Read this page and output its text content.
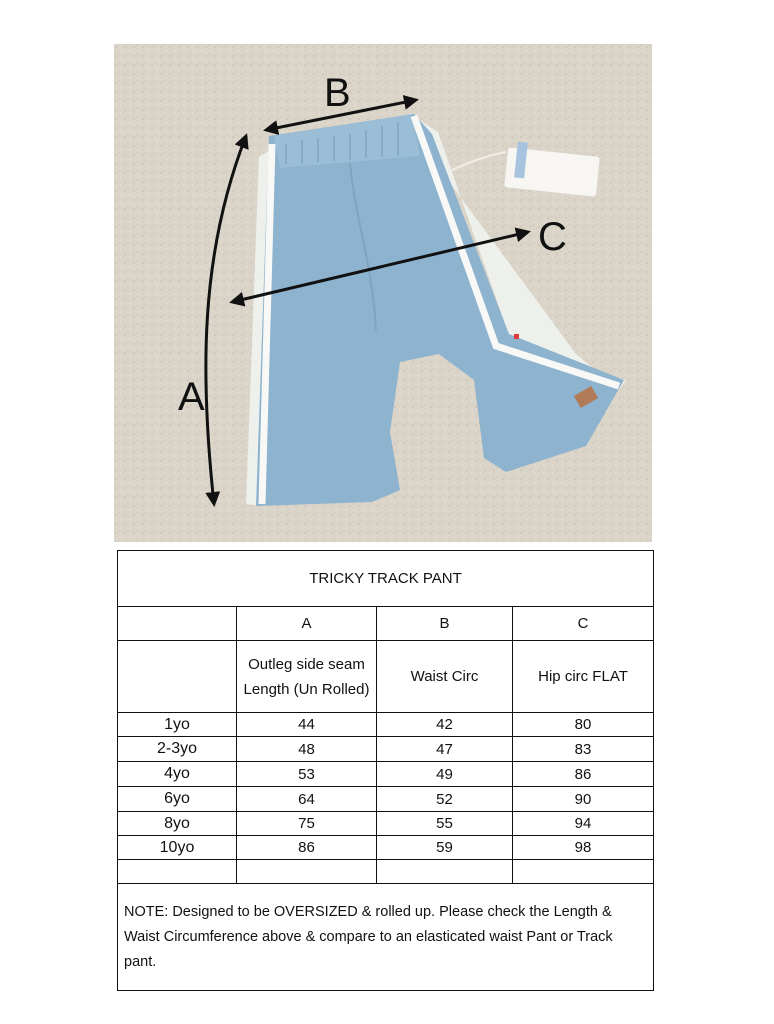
A
B
C
TRICKY TRACK PANT			
	A	B	C
	Outleg side seam Length (Un Rolled)	Waist Circ	Hip circ FLAT
1yo	44	42	80
2-3yo	48	47	83
4yo	53	49	86
6yo	64	52	90
8yo	75	55	94
10yo	86	59	98

NOTE: Designed to be OVERSIZED & rolled up. Please check the Length & Waist Circumference above & compare to an elasticated waist Pant or Track pant.			
